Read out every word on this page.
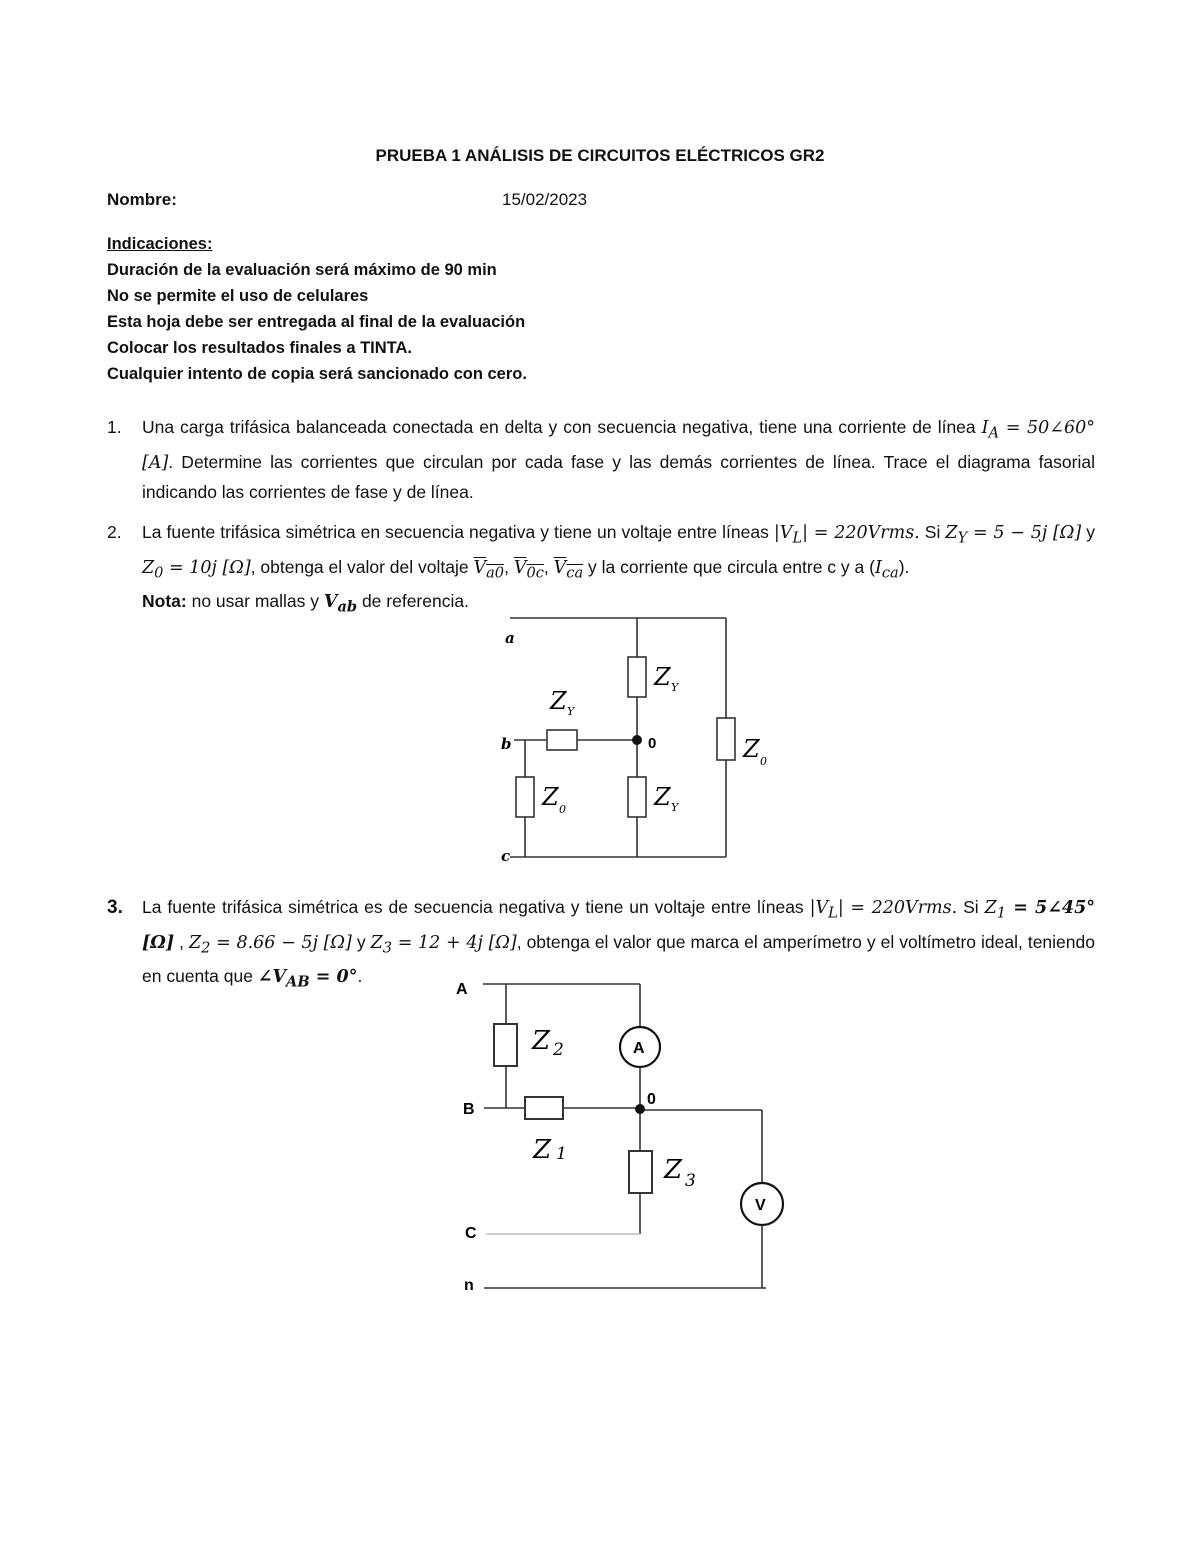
PRUEBA 1 ANÁLISIS DE CIRCUITOS ELÉCTRICOS GR2
Nombre:	15/02/2023
Indicaciones:
Duración de la evaluación será máximo de 90 min
No se permite el uso de celulares
Esta hoja debe ser entregada al final de la evaluación
Colocar los resultados finales a TINTA.
Cualquier intento de copia será sancionado con cero.
1. Una carga trifásica balanceada conectada en delta y con secuencia negativa, tiene una corriente de línea $I_A$ = 50∠60°[A]. Determine las corrientes que circulan por cada fase y las demás corrientes de línea. Trace el diagrama fasorial indicando las corrientes de fase y de línea.
2. La fuente trifásica simétrica en secuencia negativa y tiene un voltaje entre líneas $|V_L|$ = 220Vrms. Si $Z_Y = 5 - 5j$ [Ω] y $Z_0 = 10j$ [Ω], obtenga el valor del voltaje $V_{a0}$, $V_{0c}$, $V_{ca}$ y la corriente que circula entre c y a $(I_{ca})$.
Nota: no usar mallas y $V_{ab}$ de referencia.
a
b
c
0
Z Y
Z Y
Z Y
Z 0
Z 0
3. La fuente trifásica simétrica es de secuencia negativa y tiene un voltaje entre líneas $|V_L|$ = 220Vrms. Si $Z_1$ = 5∠45°[Ω] , $Z_2 = 8.66 - 5j$ [Ω] y $Z_3 = 12 + 4j$ [Ω], obtenga el valor que marca el amperímetro y el voltímetro ideal, teniendo en cuenta que $\angle V_{AB} = 0^\circ$.
A
B
C
n
0
A
V
Z 2
Z 1
Z 3
